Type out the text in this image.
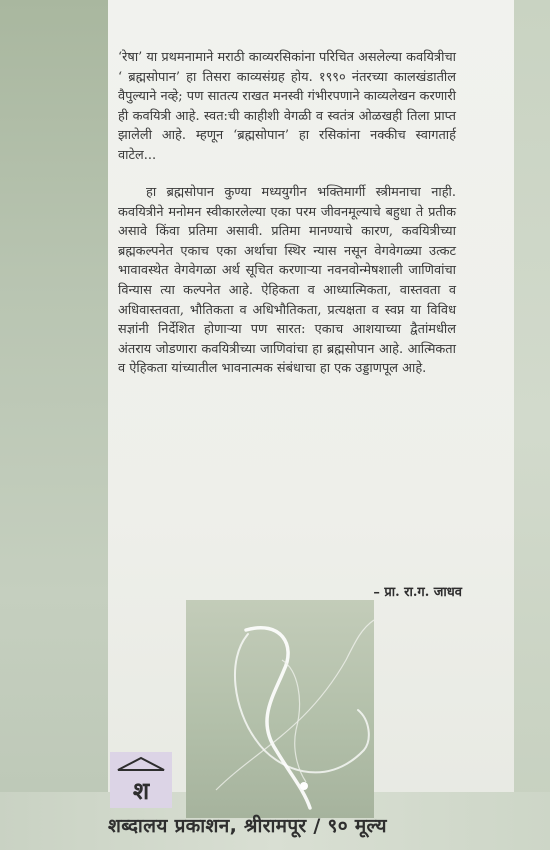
‘रेषा’ या प्रथमनामाने मराठी काव्यरसिकांना परिचित असलेल्या कवयित्रीचा ‘ ब्रह्मसोपान’ हा तिसरा काव्यसंग्रह होय. १९९० नंतरच्या कालखंडातील वैपुल्याने नव्हे; पण सातत्य राखत मनस्वी गंभीरपणाने काव्यलेखन करणारी ही कवयित्री आहे. स्वत:ची काहीशी वेगळी व स्वतंत्र ओळखही तिला प्राप्त झालेली आहे. म्हणून ‘ब्रह्मसोपान’ हा रसिकांना नक्कीच स्वागतार्ह वाटेल...

हा ब्रह्मसोपान कुण्या मध्ययुगीन भक्तिमार्गी स्त्रीमनाचा नाही. कवयित्रीने मनोमन स्वीकारलेल्या एका परम जीवनमूल्याचे बहुधा ते प्रतीक असावे किंवा प्रतिमा असावी. प्रतिमा मानण्याचे कारण, कवयित्रीच्या ब्रह्मकल्पनेत एकाच एका अर्थाचा स्थिर न्यास नसून वेगवेगळ्या उत्कट भावावस्थेत वेगवेगळा अर्थ सूचित करणाऱ्या नवनवोन्मेषशाली जाणिवांचा विन्यास त्या कल्पनेत आहे. ऐहिकता व आध्यात्मिकता, वास्तवता व अधिवास्तवता, भौतिकता व अधिभौतिकता, प्रत्यक्षता व स्वप्न या विविध सज्ञांनी निर्देशित होणाऱ्या पण सारत: एकाच आशयाच्या द्वैतांमधील अंतराय जोडणारा कवयित्रीच्या जाणिवांचा हा ब्रह्मसोपान आहे. आत्मिकता व ऐहिकता यांच्यातील भावनात्मक संबंधाचा हा एक उड्डाणपूल आहे.

– प्रा. रा.ग. जाधव
श
शब्दालय प्रकाशन, श्रीरामपूर / ९० मूल्य
